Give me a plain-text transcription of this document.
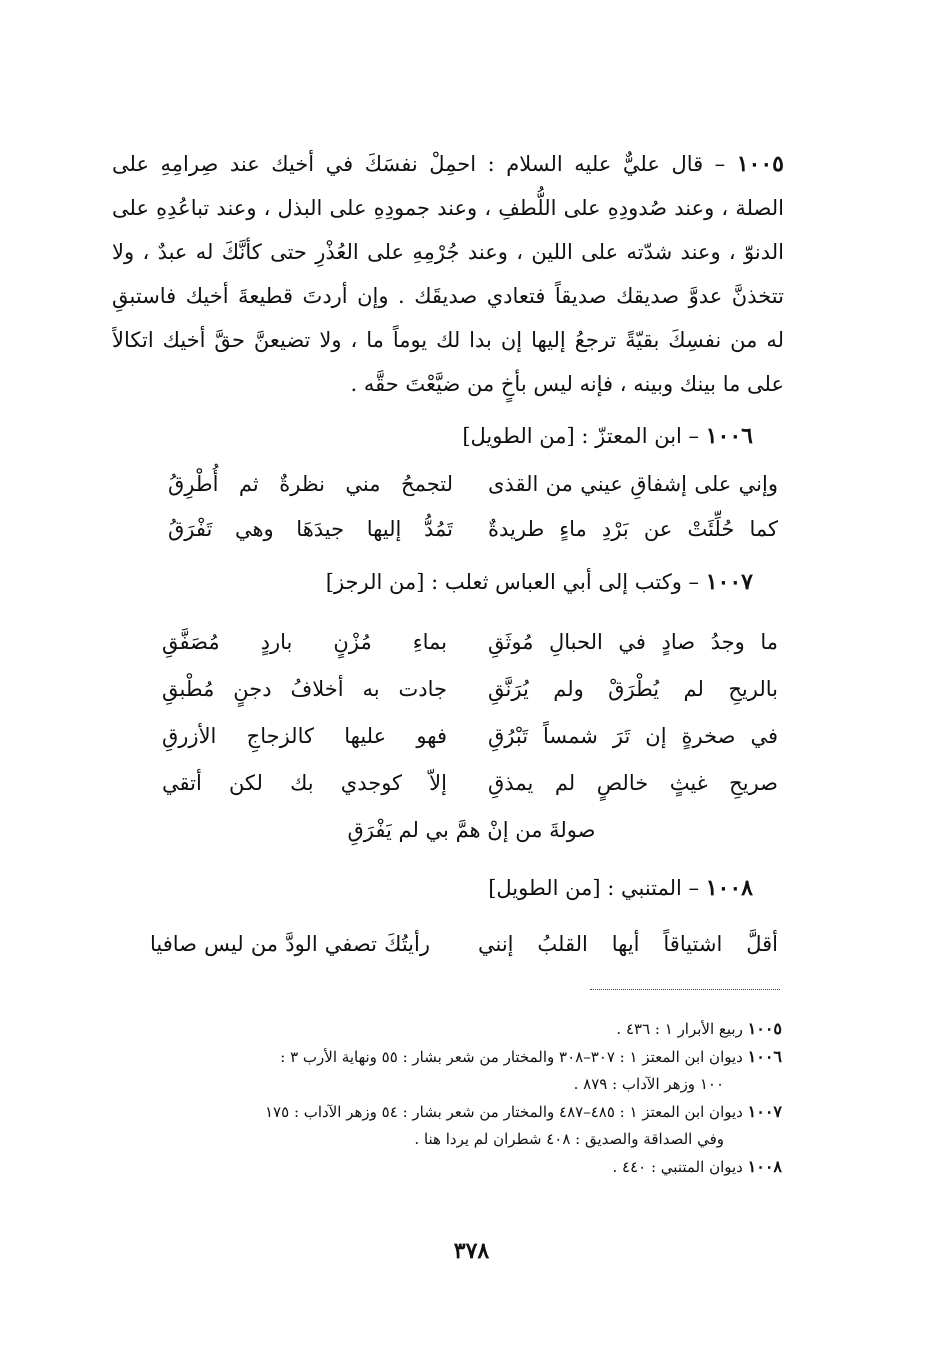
١٠٠٥ – قال عليٌّ عليه السلام : احمِلْ نفسَكَ في أخيك عند صِرامِهِ على
الصلة ، وعند صُدودِهِ على اللُّطفِ ، وعند جمودِهِ على البذل ، وعند تباعُدِهِ على
الدنوّ ، وعند شدّته على اللين ، وعند جُرْمِهِ على العُذْرِ حتى كأنَّكَ له عبدٌ ، ولا
تتخذنَّ عدوَّ صديقك صديقاً فتعادي صديقَك . وإن أردتَ قطيعةَ أخيك فاستبقِ
له من نفسِكَ بقيّةً ترجعُ إليها إن بدا لك يوماً ما ، ولا تضيعنَّ حقَّ أخيك اتكالاً
على ما بينك وبينه ، فإنه ليس بأخٍ من ضيَّعْتَ حقَّه .
١٠٠٦ – ابن المعتزّ : [من الطويل]
وإني على إشفاقِ عيني من القذى
لتجمحُ مني نظرةٌ ثم أُطْرِقُ
كما حُلِّئَتْ عن بَرْدِ ماءٍ طريدةٌ
تَمُدُّ إليها جيدَهَا وهي تَفْرَقُ
١٠٠٧ – وكتب إلى أبي العباس ثعلب : [من الرجز]
ما وجدُ صادٍ في الحبالِ مُوثَقِ
بماءِ مُزْنٍ باردٍ مُصَفَّقِ
بالريحِ لم يُطْرَقْ ولم يُرَنَّقِ
جادت به أخلافُ دجنٍ مُطْبقِ
في صخرةٍ إن تَرَ شمساً تَبْرُقِ
فهو عليها كالزجاجِ الأزرقِ
صريحِ غيثٍ خالصٍ لم يمذقِ
إلاّ كوجدي بك لكن أتقي
صولةَ من إنْ همَّ بي لم يَفْرَقِ
١٠٠٨ – المتنبي : [من الطويل]
أقلَّ اشتياقاً أيها القلبُ إنني
رأيتُكَ تصفي الودَّ من ليس صافيا
١٠٠٥ ربيع الأبرار ١ : ٤٣٦ .
١٠٠٦ ديوان ابن المعتز ١ : ٣٠٧–٣٠٨ والمختار من شعر بشار : ٥٥ ونهاية الأرب ٣ :
١٠٠ وزهر الآداب : ٨٧٩ .
١٠٠٧ ديوان ابن المعتز ١ : ٤٨٥–٤٨٧ والمختار من شعر بشار : ٥٤ وزهر الآداب : ١٧٥
وفي الصداقة والصديق : ٤٠٨ شطران لم يردا هنا .
١٠٠٨ ديوان المتنبي : ٤٤٠ .
٣٧٨
